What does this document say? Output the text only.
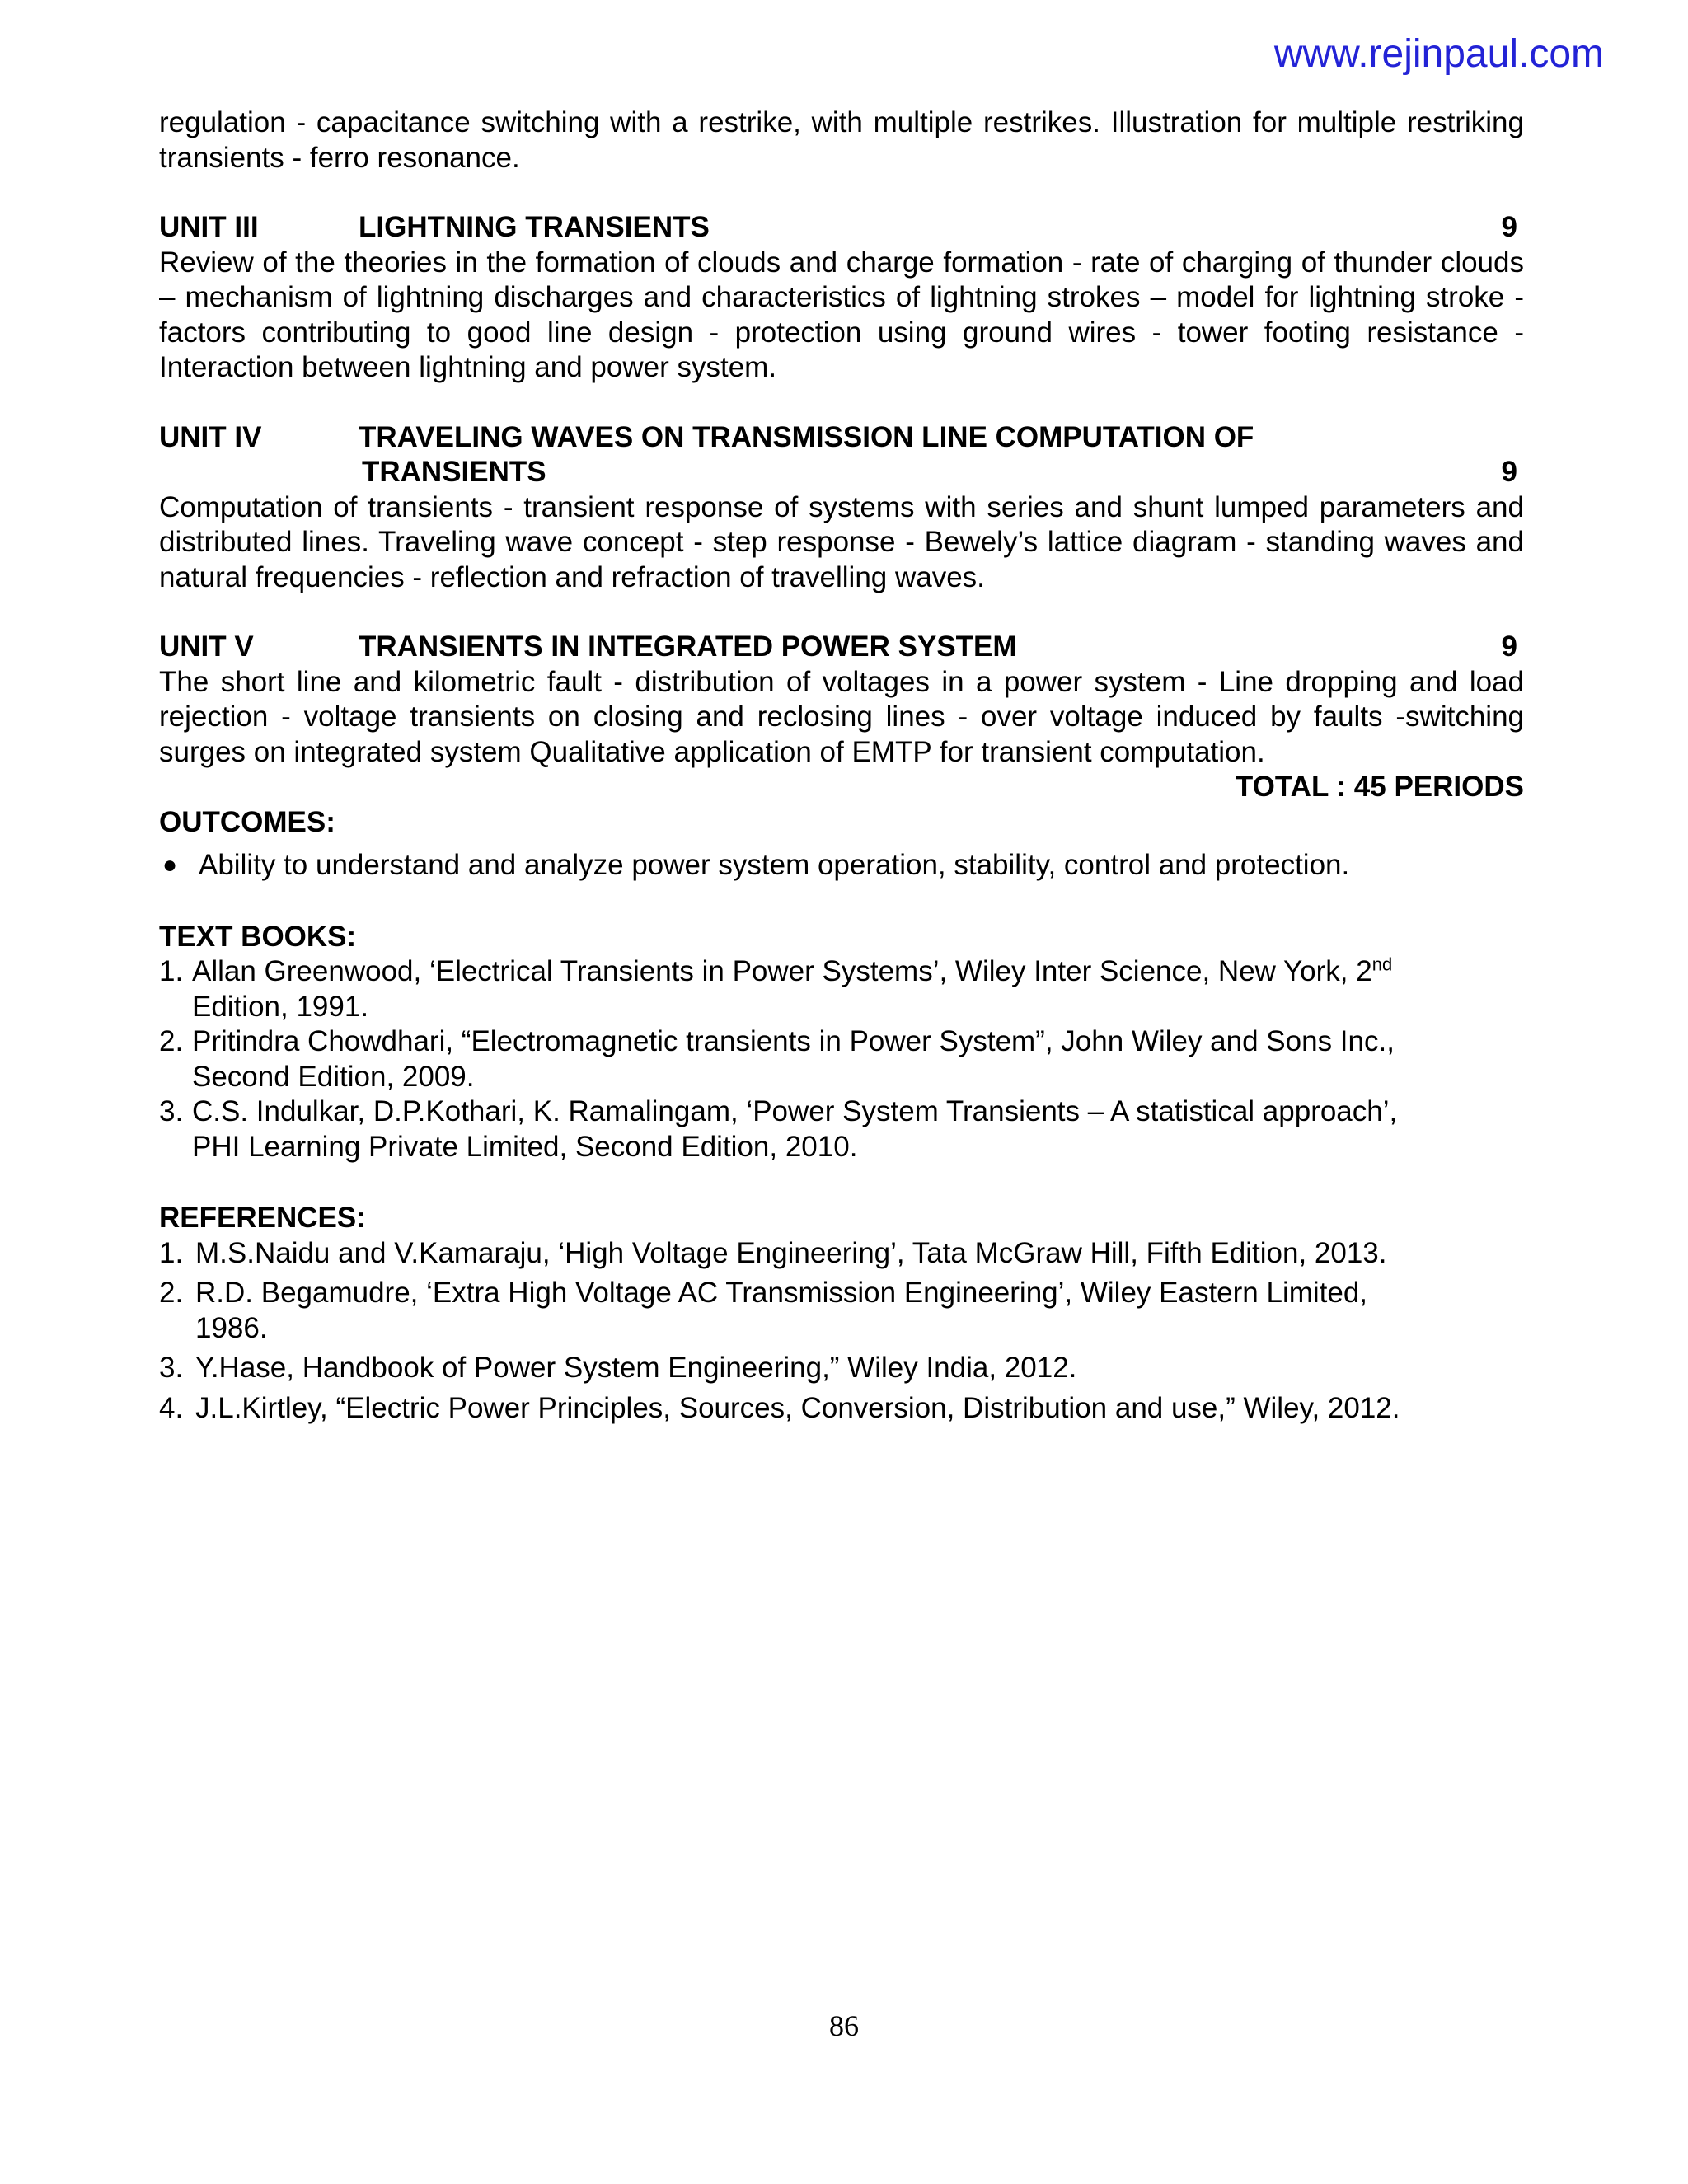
www.rejinpaul.com

regulation - capacitance switching with a restrike, with multiple restrikes. Illustration for multiple restriking transients - ferro resonance.

UNIT III	LIGHTNING TRANSIENTS	9

Review of the theories in the formation of clouds and charge formation - rate of charging of thunder clouds – mechanism of lightning discharges and characteristics of lightning strokes – model for lightning stroke - factors contributing to good line design - protection using ground wires - tower footing resistance - Interaction between lightning and power system.

UNIT IV	TRAVELING WAVES ON TRANSMISSION LINE COMPUTATION OF
TRANSIENTS	9

Computation of transients - transient response of systems with series and shunt lumped parameters and distributed lines. Traveling wave concept - step response - Bewely’s lattice diagram - standing waves and natural frequencies - reflection and refraction of travelling waves.

UNIT V	TRANSIENTS IN INTEGRATED POWER SYSTEM	9

The short line and kilometric fault - distribution of voltages in a power system - Line dropping and load rejection - voltage transients on closing and reclosing lines - over voltage induced by faults -switching surges on integrated system Qualitative application of EMTP for transient computation.

TOTAL : 45 PERIODS

OUTCOMES:

● Ability to understand and analyze power system operation, stability, control and protection.

TEXT BOOKS:

1. Allan Greenwood, ‘Electrical Transients in Power Systems’, Wiley Inter Science, New York, 2nd
Edition, 1991.
2. Pritindra Chowdhari, “Electromagnetic transients in Power System”, John Wiley and Sons Inc.,
Second Edition, 2009.
3. C.S. Indulkar, D.P.Kothari, K. Ramalingam, ‘Power System Transients – A statistical approach’,
PHI Learning Private Limited, Second Edition, 2010.

REFERENCES:

1. M.S.Naidu and V.Kamaraju, ‘High Voltage Engineering’, Tata McGraw Hill, Fifth Edition, 2013.
2. R.D. Begamudre, ‘Extra High Voltage AC Transmission Engineering’, Wiley Eastern Limited,
1986.
3. Y.Hase, Handbook of Power System Engineering,” Wiley India, 2012.
4. J.L.Kirtley, “Electric Power Principles, Sources, Conversion, Distribution and use,” Wiley, 2012.
86
